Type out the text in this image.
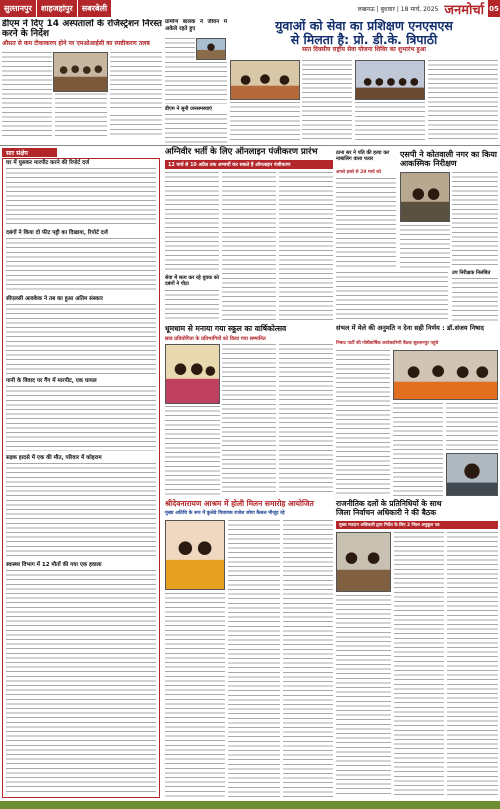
सुल्तानपुर	शाहजहांपुर	सबरबेली	लखनऊ | बुधवार | 18 मार्च, 2025 जनमोर्चा 05
डीएम ने दिए 14 अस्पतालों के रजिस्ट्रेशन निरस्त करने के निर्देश
औसत से कम टीकाकरण होने पर एमओआईसी का स्पष्टीकरण तलब
ग्रामीण बालक ने जीवन में अकेले रहते हुए
डीएम ने सुनी जनसमस्याएं
युवाओं को सेवा का प्रशिक्षण एनएसएस
से मिलता है: प्रो. डी.के. त्रिपाठी
सात दिवसीय राष्ट्रीय सेवा योजना शिविर का शुभारंभ हुआ
सार संक्षेप
घर में घुसकर मारपीट करने की रिपोर्ट दर्ज
दबंगों ने किया दो फीट पट्टी का दिखाया, रिपोर्ट दर्ज
सीएलसी आवकेक ने तब का हुआ अतिम संस्कार
पानी के विवाद पर गैंग में मारपीट, एक घायल
सड़क हादसे में एक की मौत, परिवार में कोहराम
स्वास्थ्य विभाग में 12 मौतों की गया एक हवाला
अग्निवीर भर्ती के लिए ऑनलाइन पंजीकरण प्रारंभ
12 मार्च से 10 अप्रैल तक अभ्यर्थी कर सकते हैं ऑनलाइन पंजीकरण
सेवा में सत्य कर रहे युवक को दबंगों ने पीटा
ठाना सर ने पति की हत्या कर नाबालिग वाला फरार
अगले हफ्ते से 29 मार्च को
एसपी ने कोतवाली नगर का किया आकस्मिक निरीक्षण
उप निरीक्षक निलंबित
धूमधाम से मनाया गया स्कूल का वार्षिकोत्सव
छात्र प्रतियोगिता के प्रतिभागियों को किया गया सम्मानित
संभल में मेले की अनुमति न देना सही निर्णय : डॉ.संजय निषाद
निषाद पार्टी की गोष्ठीवार्षिक कार्यकारिणी बैठक सुल्तानपुर पहुंचे
श्रीदेवनारायण आश्रम में होली मिलन समारोह आयोजित
मुख्य अतिथि के रूप में कुलेग्रे विधायक राजेश जोगा कैसल मौजूद रहे
राजनीतिक दलों के प्रतिनिधियों के साथ
जिला निर्वाचन अधिकारी ने की बैठक
मुख्य मतदान अधिकारी द्वारा निर्देश के लिए 2 जिला अनुकूल पत्र
